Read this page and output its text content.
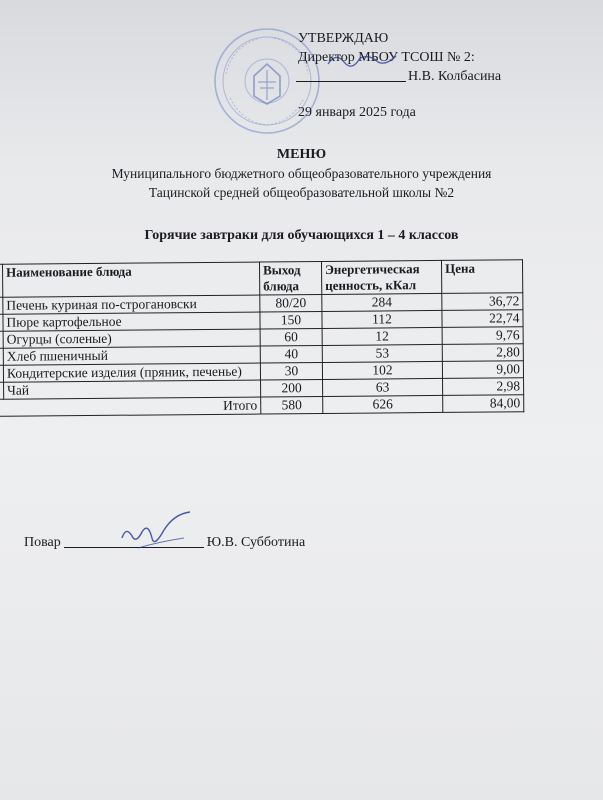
УТВЕРЖДАЮ
Директор МБОУ ТСОШ № 2:
Н.В. Колбасина
29 января 2025 года
МЕНЮ
Муниципального бюджетного общеобразовательного учреждения
Тацинской средней общеобразовательной школы №2
Горячие завтраки для обучающихся 1 – 4 классов
	Наименование блюда	Выход блюда	Энергетическая ценность, кКал	Цена
	Печень куриная по-строгановски	80/20	284	36,72
	Пюре картофельное	150	112	22,74
	Огурцы (соленые)	60	12	9,76
	Хлеб пшеничный	40	53	2,80
	Кондитерские изделия (пряник, печенье)	30	102	9,00
	Чай	200	63	2,98
Итого		580	626	84,00
Повар	Ю.В. Субботина
